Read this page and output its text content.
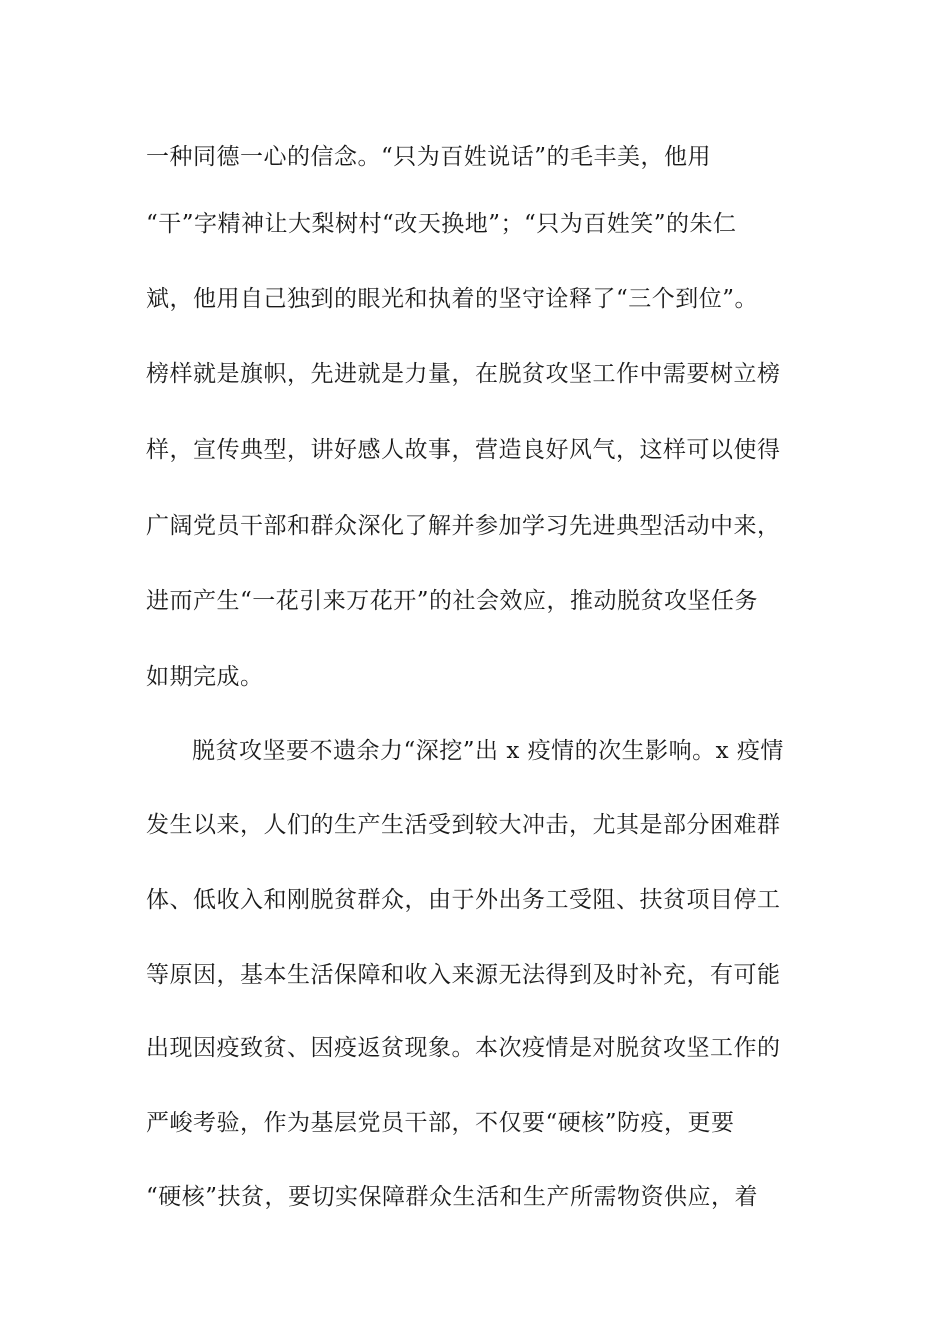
一种同德一心的信念。“只为百姓说话”的毛丰美，他用
“干”字精神让大梨树村“改天换地”；“只为百姓笑”的朱仁
斌，他用自己独到的眼光和执着的坚守诠释了“三个到位”。
榜样就是旗帜，先进就是力量，在脱贫攻坚工作中需要树立榜
样，宣传典型，讲好感人故事，营造良好风气，这样可以使得
广阔党员干部和群众深化了解并参加学习先进典型活动中来，
进而产生“一花引来万花开”的社会效应，推动脱贫攻坚任务
如期完成。
脱贫攻坚要不遗余力“深挖”出 x 疫情的次生影响。x 疫情
发生以来，人们的生产生活受到较大冲击，尤其是部分困难群
体、低收入和刚脱贫群众，由于外出务工受阻、扶贫项目停工
等原因，基本生活保障和收入来源无法得到及时补充，有可能
出现因疫致贫、因疫返贫现象。本次疫情是对脱贫攻坚工作的
严峻考验，作为基层党员干部，不仅要“硬核”防疫，更要
“硬核”扶贫，要切实保障群众生活和生产所需物资供应，着
